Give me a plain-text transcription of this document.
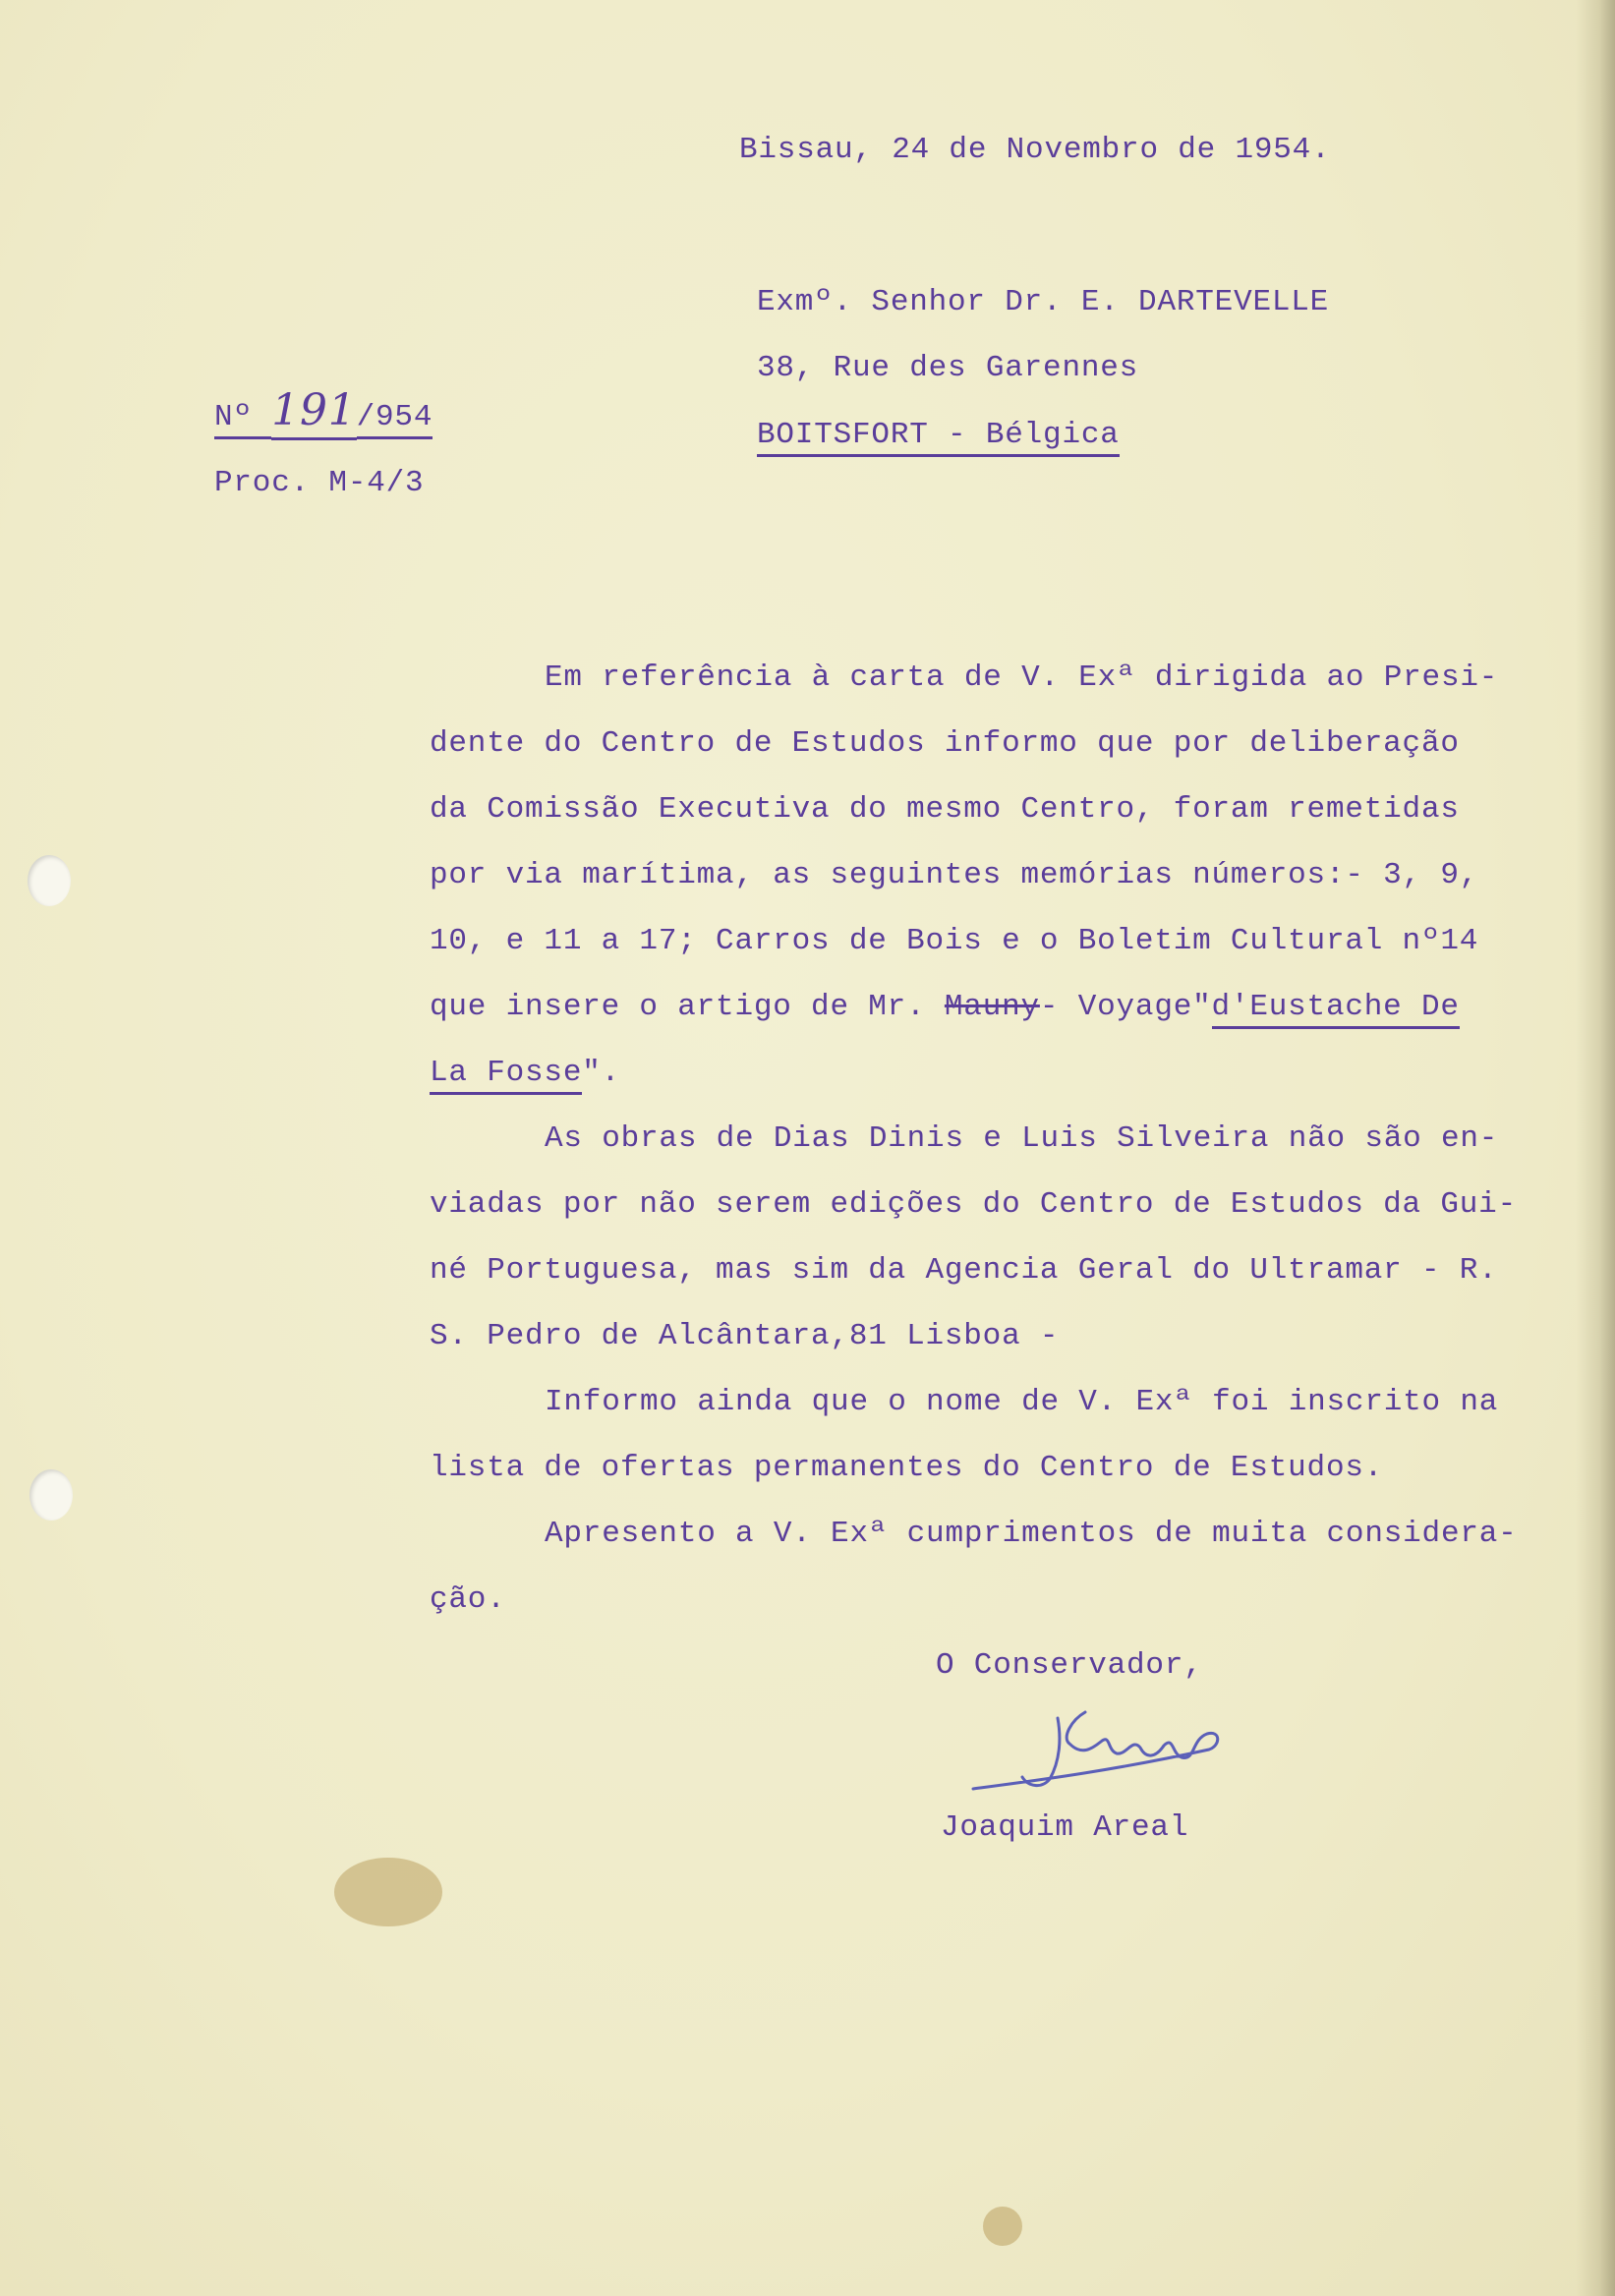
Bissau, 24 de Novembro de 1954.
Exmº. Senhor Dr. E. DARTEVELLE
38, Rue des Garennes
BOITSFORT - Bélgica
Nº 191/954
Proc. M-4/3
Em referência à carta de V. Exª dirigida ao Presi-
dente do Centro de Estudos informo que por deliberação
da Comissão Executiva do mesmo Centro, foram remetidas
por via marítima, as seguintes memórias números:- 3, 9,
10, e 11 a 17; Carros de Bois e o Boletim Cultural nº14
que insere o artigo de Mr. Mauny- Voyage"d'Eustache De
La Fosse".
As obras de Dias Dinis e Luis Silveira não são en-
viadas por não serem edições do Centro de Estudos da Gui-
né Portuguesa, mas sim da Agencia Geral do Ultramar - R.
S. Pedro de Alcântara,81 Lisboa -
Informo ainda que o nome de V. Exª foi inscrito na
lista de ofertas permanentes do Centro de Estudos.
Apresento a V. Exª cumprimentos de muita considera-
ção.
O Conservador,
Joaquim Areal
